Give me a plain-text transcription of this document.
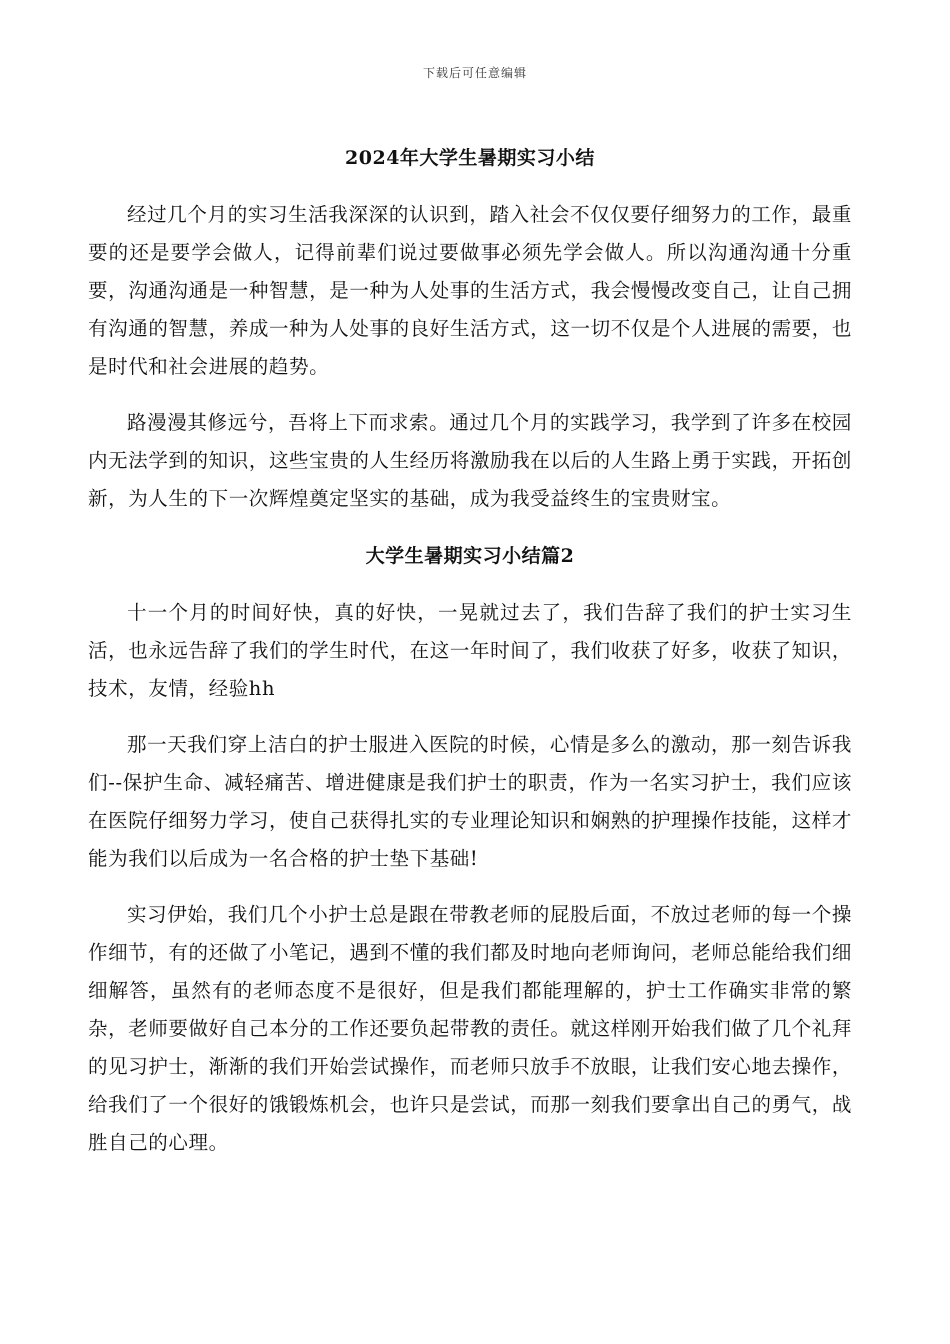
下载后可任意编辑
2024年大学生暑期实习小结

经过几个月的实习生活我深深的认识到，踏入社会不仅仅要仔细努力的工作，最重要的还是要学会做人，记得前辈们说过要做事必须先学会做人。所以沟通沟通十分重要，沟通沟通是一种智慧，是一种为人处事的生活方式，我会慢慢改变自己，让自己拥有沟通的智慧，养成一种为人处事的良好生活方式，这一切不仅是个人进展的需要，也是时代和社会进展的趋势。

路漫漫其修远兮，吾将上下而求索。通过几个月的实践学习，我学到了许多在校园内无法学到的知识，这些宝贵的人生经历将激励我在以后的人生路上勇于实践，开拓创新，为人生的下一次辉煌奠定坚实的基础，成为我受益终生的宝贵财宝。

大学生暑期实习小结篇2

十一个月的时间好快，真的好快，一晃就过去了，我们告辞了我们的护士实习生活，也永远告辞了我们的学生时代，在这一年时间了，我们收获了好多，收获了知识，技术，友情，经验hh

那一天我们穿上洁白的护士服进入医院的时候，心情是多么的激动，那一刻告诉我们--保护生命、减轻痛苦、增进健康是我们护士的职责，作为一名实习护士，我们应该在医院仔细努力学习，使自己获得扎实的专业理论知识和娴熟的护理操作技能，这样才能为我们以后成为一名合格的护士垫下基础!

实习伊始，我们几个小护士总是跟在带教老师的屁股后面，不放过老师的每一个操作细节，有的还做了小笔记，遇到不懂的我们都及时地向老师询问，老师总能给我们细细解答，虽然有的老师态度不是很好，但是我们都能理解的，护士工作确实非常的繁杂，老师要做好自己本分的工作还要负起带教的责任。就这样刚开始我们做了几个礼拜的见习护士，渐渐的我们开始尝试操作，而老师只放手不放眼，让我们安心地去操作，给我们了一个很好的饿锻炼机会，也许只是尝试，而那一刻我们要拿出自己的勇气，战胜自己的心理。
